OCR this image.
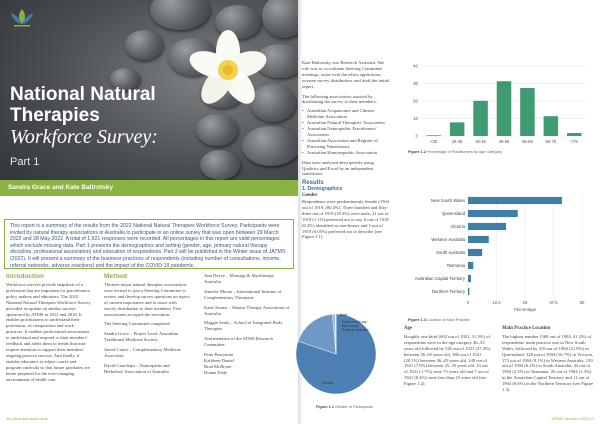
National Natural
Therapies
Workforce Survey:
Part 1
Sandra Grace and Kate Baltrotsky

This report is a summary of the results from the 2022 National Natural Therapies Workforce Survey. Participants were invited by natural therapy associations in Australia to participate in an online survey that was open between 29 March 2022 and 28 May 2022. A total of 1,921 responses were recorded. All percentages in this report are valid percentages which exclude missing data. Part 1 presents the demographics and setting (gender, age, primary natural therapy discipline, professional association) and education of respondents. Part 2 will be published in the Winter issue of JATMS (2022). It will present a summary of the business practices of respondents (including number of consultations, income, referral networks, adverse reactions) and the impact of the COVID-19 pandemic.

Introduction

Workforce surveys provide snapshots of a profession that are important for practitioners, policy makers and educators. The 2022 National Natural Therapies Workforce Survey provided an update on similar surveys sponsored by ATMS in 2012 and 2018. It enables practitioners to understand their profession, its composition and work practices. It enables professional associations to understand and respond to their members' feedback and alerts them to trends that may require attention to support their members' ongoing practice success. And finally, it enables educators to adjust course and program curricula so that future graduates are better prepared for the ever-changing environment of health care.

Method

Thirteen major natural therapies associations were invited to join a Steering Committee to review and develop survey questions on topics of current importance and to assist with survey distribution to their members. Five associations accepted the invitation.

The Steering Committee comprised:

Sandra Grace – Project Lead, Australian Traditional Medicine Society

Jarrod Carter – Complementary Medicine Associates

David Casteleijn – Naturopaths and Herbalists' Association of Australia

Ann Davey – Massage & Myotherapy Australia

Jennifer Moore – International Institute of Complementary Therapists

Katie Szotns – Shiatsu Therapy Association of Australia

Maggie Sealy – School of Integrated Body Therapies

And members of the ATMS Research Committee:

Peter Berryman

Kathleen Daniel

Brad McBryne

Donna Eddy

16 jatms.asn.au/journal

Kate Baltrotsky was Research Assistant. She role was to co-ordinate Steering Committee meetings, assist with the ethics application, oversee survey distribution, and draft the initial report.

The following associations assisted by distributing the survey to their members:

• Australian Acupuncture and Chinese Medicine Association
• Australian Natural Therapists' Association
• Australian Naturopathic Practitioners' Association
• Australian Association and Register of Practising Nutritionists
• Australian Homoeopathic Association

Data were analysed descriptively using Qualtrics and Excel by an independent statistician.

Results
1. Demographics
Gender

Respondents were predominantly female (1564 out of 1919, (80.4%). Three hundred and fifty-three out of 1919 (18.4%) were male, 21 out of 1919 (1.1%) preferred not to say, 6 out of 1919 (0.3%) identified as non-binary and 1 out of 1919 (0.05%) preferred not to describe (see Figure 1.1).

0
10
20
30
40
<25	25-35	36-45	46-55	56-65	66-75	>75
Figure 1.2 Percentage of Practitioners by Age Category
0	12.5	25	37.5	50
New South Wales
Queensland
Victoria
Western Australia
South Australia
Tasmania
Australian Capital Territory
Northern Territory
Percentage
Figure 1.3 Location of Main Practice
Age

Roughly one third (602 out of 1921, 31.3%) of respondents were in the age category 46–55 years old followed by 526 out of 1921 (27.4%) between 56–65 years old, 386 out of 1921 (20.1%) between 36–45 years old, 149 out of 1921 (7.8%) between 25–35 years old, 33 out of 1921 (1.7%) were 75 years old and 7 out of 1921 (0.4%) were less than 25 years old (see Figure 1.2).

Main Practice Location

The highest number (369 out of 1904, 41.2%) of respondents' main practice was in New South Wales, followed by 416 out of 1904 (21.8%) in Queensland, 328 out of 1904 (16.7%) in Victoria, 173 out of 1904 (9.1%) in Western Australia, 139 out of 1904 (6.2%) in South Australia, 44 out of 1904 (2.3%) in Tasmania, 26 out of 1904 (1.3%) in the Australian Capital Territory and 11 out of 1904 (0.6%) in the Northern Territory (see Figure 1.3).

JATMS Autumn 2022 17
Female
Male
Prefer not to say
Non-binary
Prefer to describe
Figure 1.1 Gender of Participants
